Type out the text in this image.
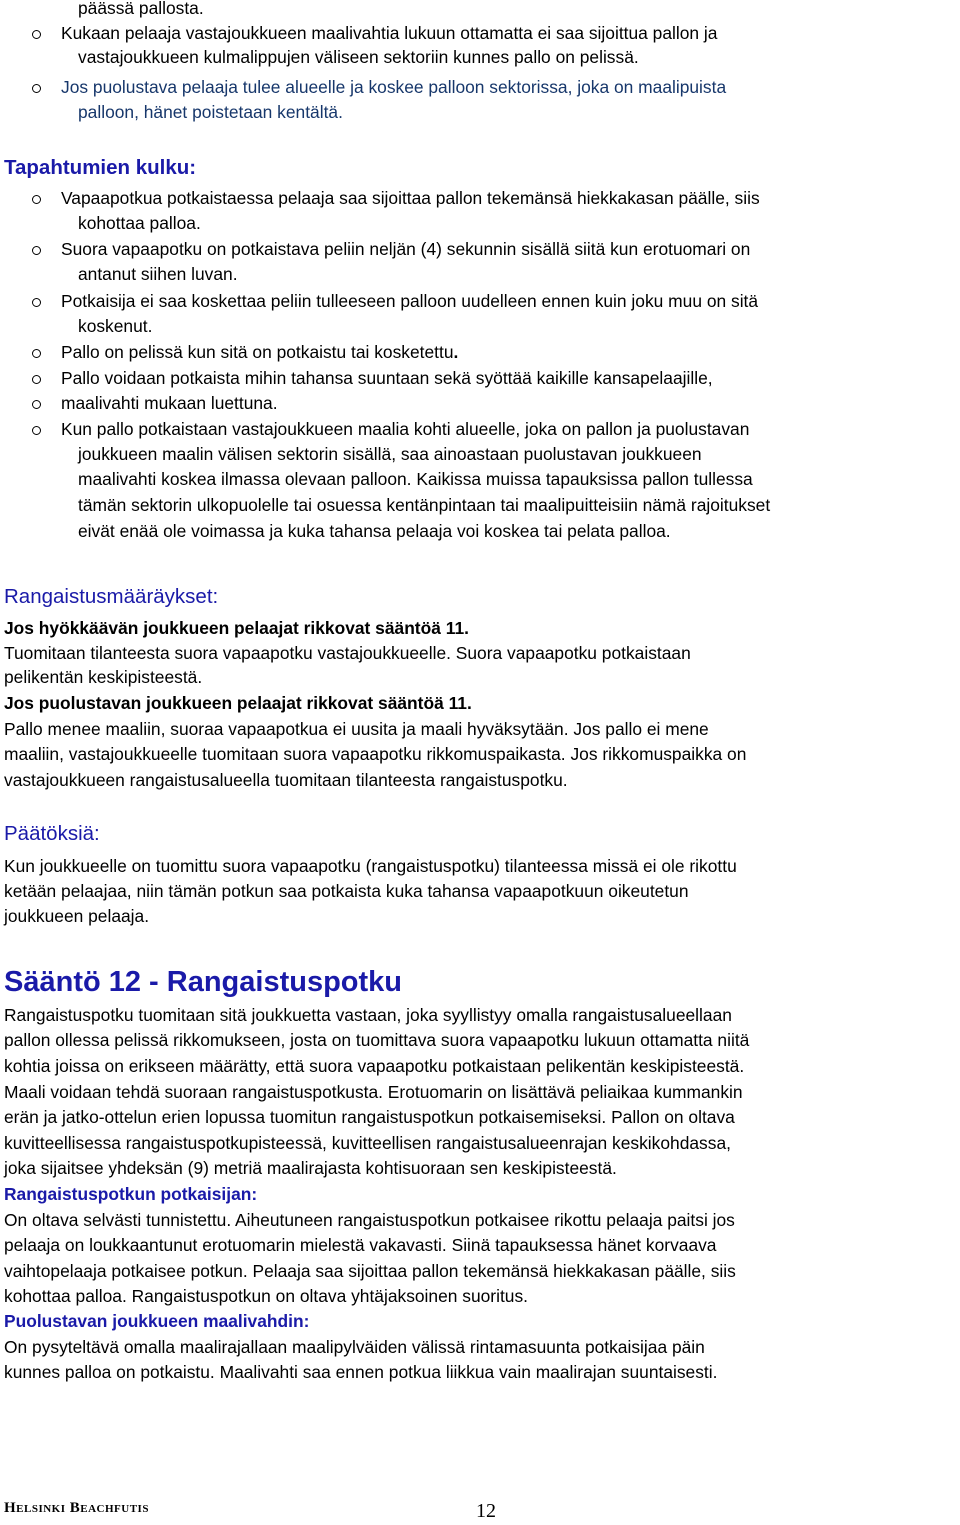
päässä pallosta.
Kukaan pelaaja vastajoukkueen maalivahtia lukuun ottamatta ei saa sijoittua pallon ja
vastajoukkueen kulmalippujen väliseen sektoriin kunnes pallo on pelissä.
Jos puolustava pelaaja tulee alueelle ja koskee palloon sektorissa, joka on maalipuista
palloon, hänet poistetaan kentältä.
Tapahtumien kulku:
Vapaapotkua potkaistaessa pelaaja saa sijoittaa pallon tekemänsä hiekkakasan päälle, siis
kohottaa palloa.
Suora vapaapotku on potkaistava peliin neljän (4) sekunnin sisällä siitä kun erotuomari on
antanut siihen luvan.
Potkaisija ei saa koskettaa peliin tulleeseen palloon uudelleen ennen kuin joku muu on sitä
koskenut.
Pallo on pelissä kun sitä on potkaistu tai kosketettu.
Pallo voidaan potkaista mihin tahansa suuntaan sekä syöttää kaikille kansapelaajille,
maalivahti mukaan luettuna.
Kun pallo potkaistaan vastajoukkueen maalia kohti alueelle, joka on pallon ja puolustavan
joukkueen maalin välisen sektorin sisällä, saa ainoastaan puolustavan joukkueen
maalivahti koskea ilmassa olevaan palloon. Kaikissa muissa tapauksissa pallon tullessa
tämän sektorin ulkopuolelle tai osuessa kentänpintaan tai maalipuitteisiin nämä rajoitukset
eivät enää ole voimassa ja kuka tahansa pelaaja voi koskea tai pelata palloa.
Rangaistusmääräykset:
Jos hyökkäävän joukkueen pelaajat rikkovat sääntöä 11.
Tuomitaan tilanteesta suora vapaapotku vastajoukkueelle. Suora vapaapotku potkaistaan
pelikentän keskipisteestä.
Jos puolustavan joukkueen pelaajat rikkovat sääntöä 11.
Pallo menee maaliin, suoraa vapaapotkua ei uusita ja maali hyväksytään. Jos pallo ei mene
maaliin, vastajoukkueelle tuomitaan suora vapaapotku rikkomuspaikasta. Jos rikkomuspaikka on
vastajoukkueen rangaistusalueella tuomitaan tilanteesta rangaistuspotku.
Päätöksiä:
Kun joukkueelle on tuomittu suora vapaapotku (rangaistuspotku) tilanteessa missä ei ole rikottu
ketään pelaajaa, niin tämän potkun saa potkaista kuka tahansa vapaapotkuun oikeutetun
joukkueen pelaaja.
Sääntö 12 - Rangaistuspotku
Rangaistuspotku tuomitaan sitä joukkuetta vastaan, joka syyllistyy omalla rangaistusalueellaan
pallon ollessa pelissä rikkomukseen, josta on tuomittava suora vapaapotku lukuun ottamatta niitä
kohtia joissa on erikseen määrätty, että suora vapaapotku potkaistaan pelikentän keskipisteestä.
Maali voidaan tehdä suoraan rangaistuspotkusta. Erotuomarin on lisättävä peliaikaa kummankin
erän ja jatko-ottelun erien lopussa tuomitun rangaistuspotkun potkaisemiseksi. Pallon on oltava
kuvitteellisessa rangaistuspotkupisteessä, kuvitteellisen rangaistusalueenrajan keskikohdassa,
joka sijaitsee yhdeksän (9) metriä maalirajasta kohtisuoraan sen keskipisteestä.
Rangaistuspotkun potkaisijan:
On oltava selvästi tunnistettu. Aiheutuneen rangaistuspotkun potkaisee rikottu pelaaja paitsi jos
pelaaja on loukkaantunut erotuomarin mielestä vakavasti. Siinä tapauksessa hänet korvaava
vaihtopelaaja potkaisee potkun. Pelaaja saa sijoittaa pallon tekemänsä hiekkakasan päälle, siis
kohottaa palloa. Rangaistuspotkun on oltava yhtäjaksoinen suoritus.
Puolustavan joukkueen maalivahdin:
On pysyteltävä omalla maalirajallaan maalipylväiden välissä rintamasuunta potkaisijaa päin
kunnes palloa on potkaistu. Maalivahti saa ennen potkua liikkua vain maalirajan suuntaisesti.
Helsinki Beachfutis	12
